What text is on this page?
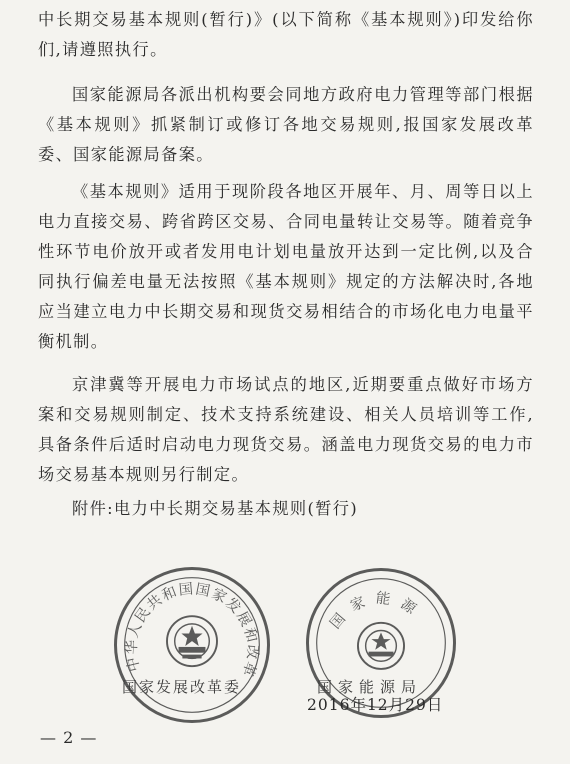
中长期交易基本规则(暂行)》(以下简称《基本规则》)印发给你们,请遵照执行。

国家能源局各派出机构要会同地方政府电力管理等部门根据《基本规则》抓紧制订或修订各地交易规则,报国家发展改革委、国家能源局备案。

《基本规则》适用于现阶段各地区开展年、月、周等日以上电力直接交易、跨省跨区交易、合同电量转让交易等。随着竞争性环节电价放开或者发用电计划电量放开达到一定比例,以及合同执行偏差电量无法按照《基本规则》规定的方法解决时,各地应当建立电力中长期交易和现货交易相结合的市场化电力电量平衡机制。

京津冀等开展电力市场试点的地区,近期要重点做好市场方案和交易规则制定、技术支持系统建设、相关人员培训等工作,具备条件后适时启动电力现货交易。涵盖电力现货交易的电力市场交易基本规则另行制定。

附件:电力中长期交易基本规则(暂行)

中华人民共和国国家发展和改革委员会
国家发展改革委
国家能源局
国家能源局
2016年12月29日
— 2 —
